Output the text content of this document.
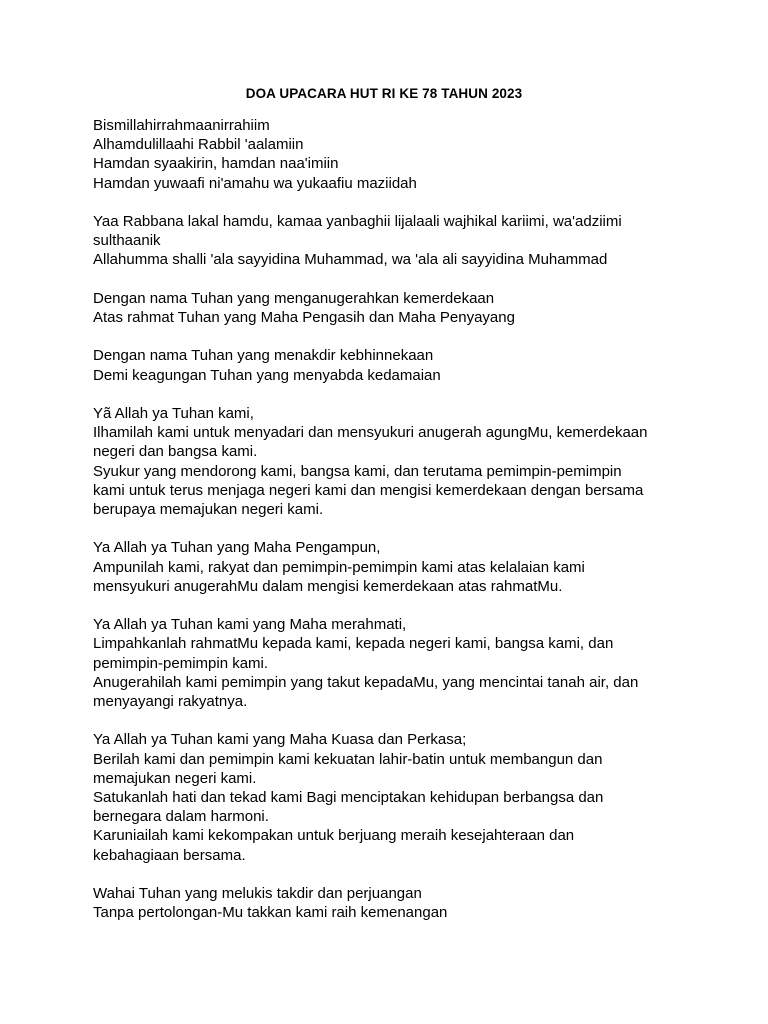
DOA UPACARA HUT RI KE 78 TAHUN 2023

Bismillahirrahmaanirrahiim
Alhamdulillaahi Rabbil 'aalamiin
Hamdan syaakirin, hamdan naa'imiin
Hamdan yuwaafi ni'amahu wa yukaafiu maziidah

Yaa Rabbana lakal hamdu, kamaa yanbaghii lijalaali wajhikal kariimi, wa'adziimi
sulthaanik
Allahumma shalli 'ala sayyidina Muhammad, wa 'ala ali sayyidina Muhammad

Dengan nama Tuhan yang menganugerahkan kemerdekaan
Atas rahmat Tuhan yang Maha Pengasih dan Maha Penyayang

Dengan nama Tuhan yang menakdir kebhinnekaan
Demi keagungan Tuhan yang menyabda kedamaian

Yã Allah ya Tuhan kami,
Ilhamilah kami untuk menyadari dan mensyukuri anugerah agungMu, kemerdekaan
negeri dan bangsa kami.
Syukur yang mendorong kami, bangsa kami, dan terutama pemimpin-pemimpin
kami untuk terus menjaga negeri kami dan mengisi kemerdekaan dengan bersama
berupaya memajukan negeri kami.

Ya Allah ya Tuhan yang Maha Pengampun,
Ampunilah kami, rakyat dan pemimpin-pemimpin kami atas kelalaian kami
mensyukuri anugerahMu dalam mengisi kemerdekaan atas rahmatMu.

Ya Allah ya Tuhan kami yang Maha merahmati,
Limpahkanlah rahmatMu kepada kami, kepada negeri kami, bangsa kami, dan
pemimpin-pemimpin kami.
Anugerahilah kami pemimpin yang takut kepadaMu, yang mencintai tanah air, dan
menyayangi rakyatnya.

Ya Allah ya Tuhan kami yang Maha Kuasa dan Perkasa;
Berilah kami dan pemimpin kami kekuatan lahir-batin untuk membangun dan
memajukan negeri kami.
Satukanlah hati dan tekad kami Bagi menciptakan kehidupan berbangsa dan
bernegara dalam harmoni.
Karuniailah kami kekompakan untuk berjuang meraih kesejahteraan dan
kebahagiaan bersama.

Wahai Tuhan yang melukis takdir dan perjuangan
Tanpa pertolongan-Mu takkan kami raih kemenangan
